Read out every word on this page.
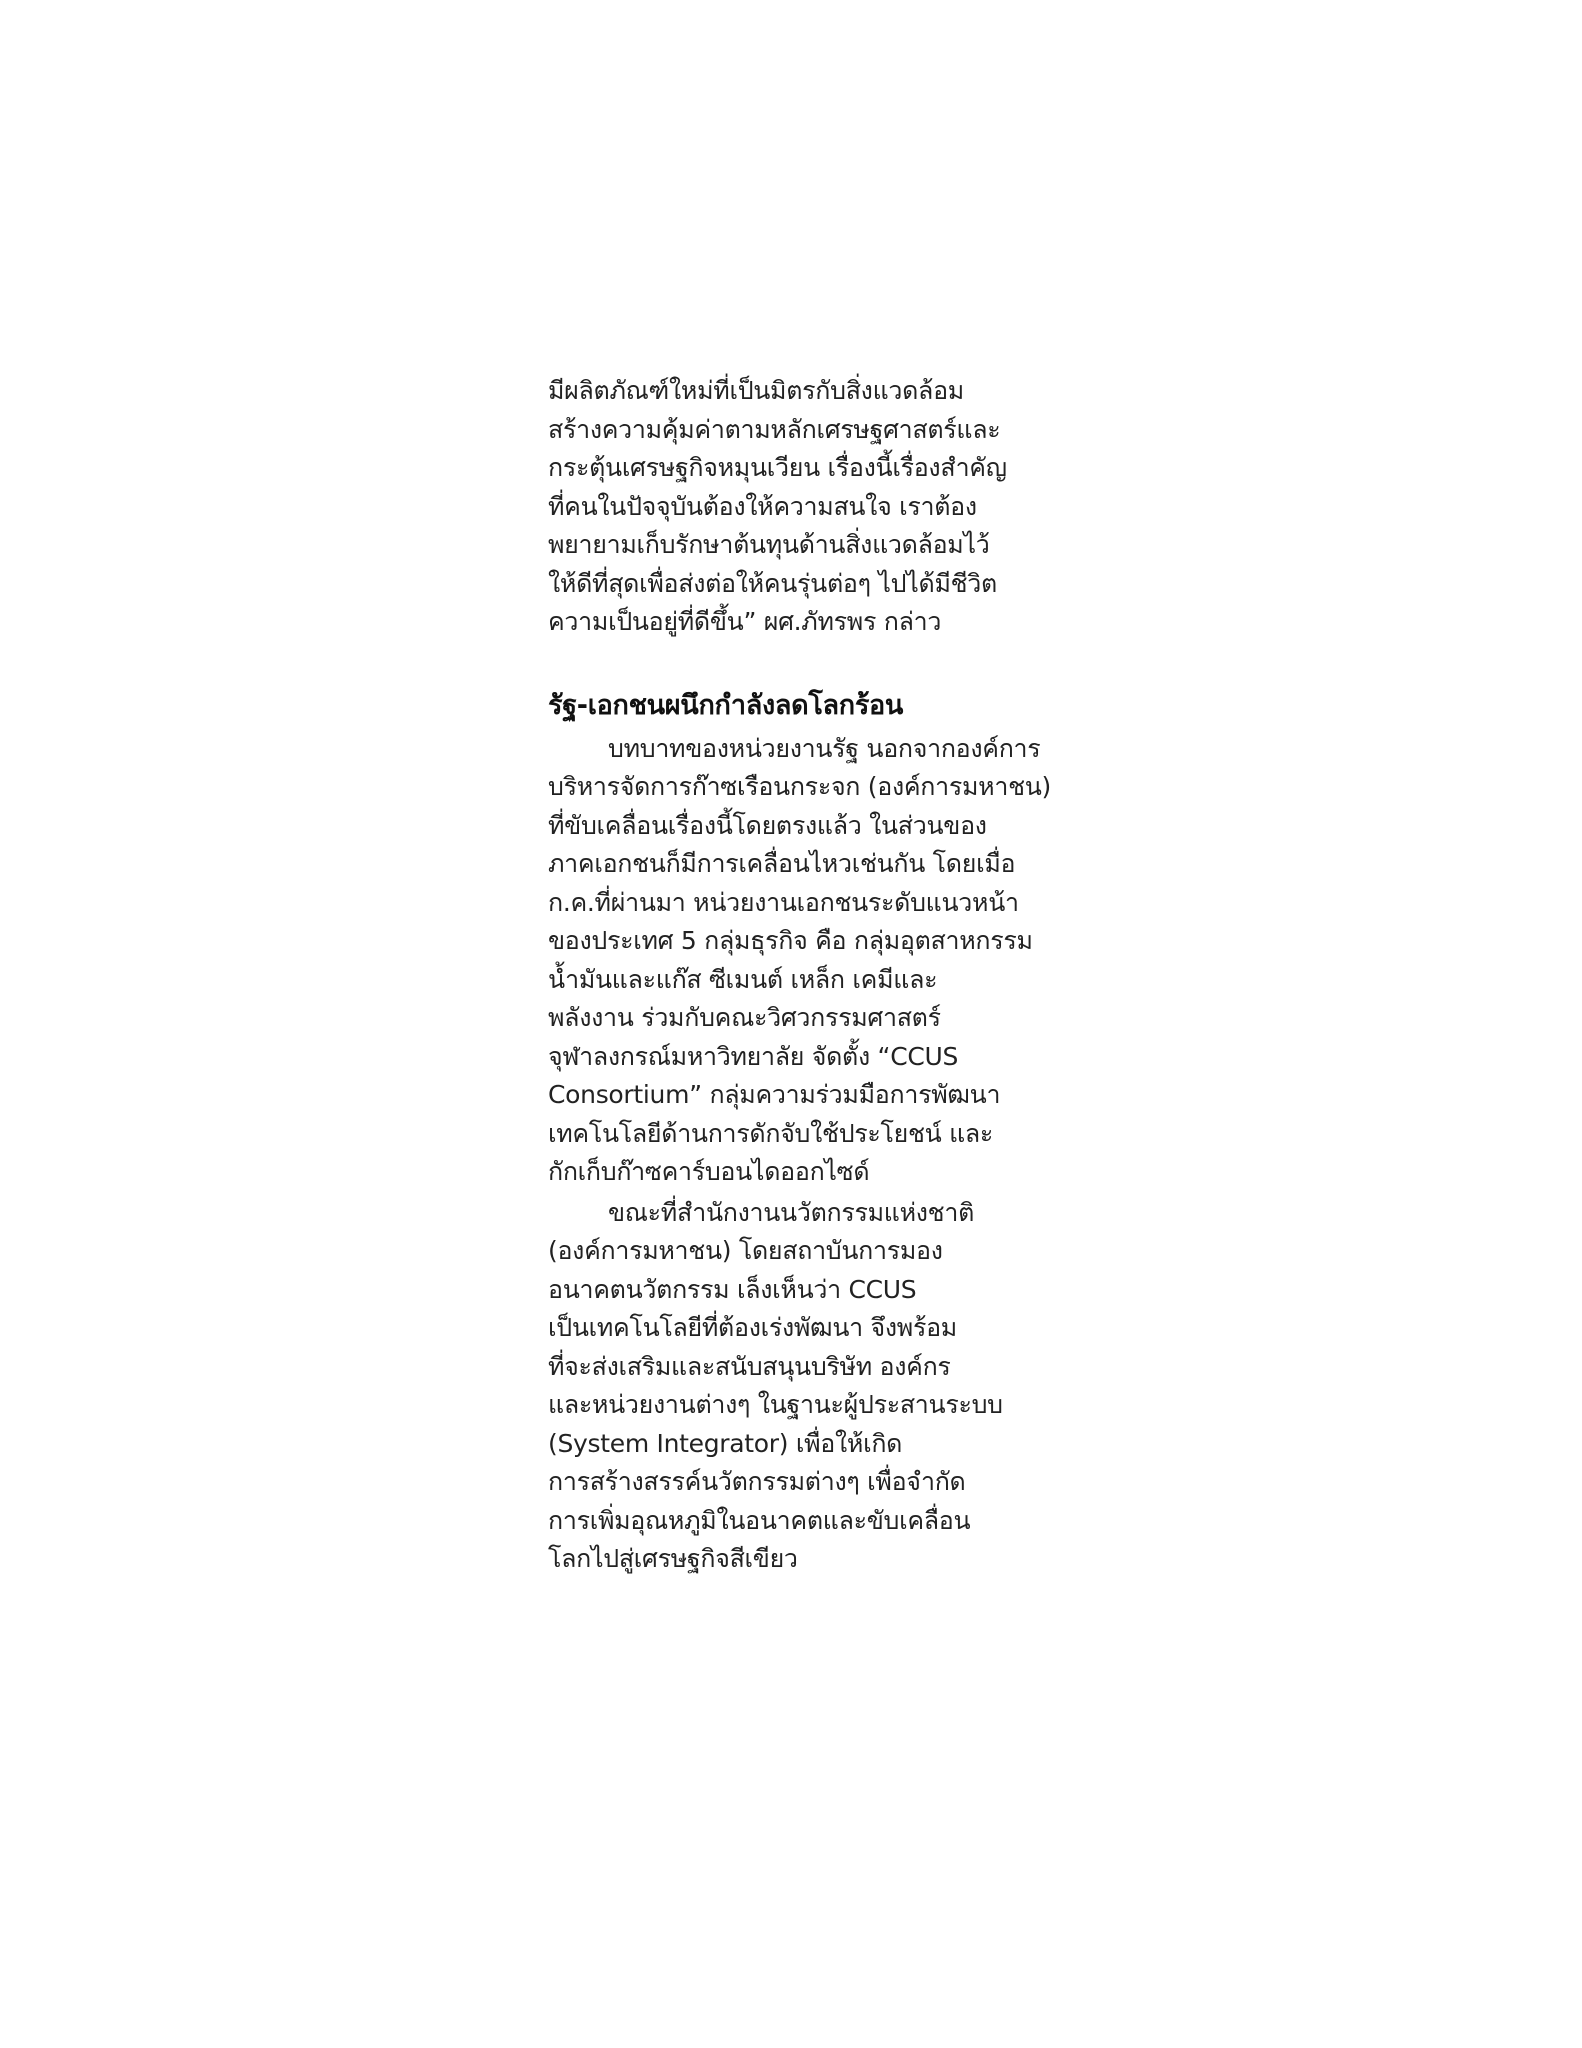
มีผลิตภัณฑ์ใหม่ที่เป็นมิตรกับสิ่งแวดล้อม
สร้างความคุ้มค่าตามหลักเศรษฐศาสตร์และ
กระตุ้นเศรษฐกิจหมุนเวียน เรื่องนี้เรื่องสำคัญ
ที่คนในปัจจุบันต้องให้ความสนใจ เราต้อง
พยายามเก็บรักษาต้นทุนด้านสิ่งแวดล้อมไว้
ให้ดีที่สุดเพื่อส่งต่อให้คนรุ่นต่อๆ ไปได้มีชีวิต
ความเป็นอยู่ที่ดีขึ้น” ผศ.ภัทรพร กล่าว

รัฐ-เอกชนผนึกกำลังลดโลกร้อน

บทบาทของหน่วยงานรัฐ นอกจากองค์การ
บริหารจัดการก๊าซเรือนกระจก (องค์การมหาชน)
ที่ขับเคลื่อนเรื่องนี้โดยตรงแล้ว ในส่วนของ
ภาคเอกชนก็มีการเคลื่อนไหวเช่นกัน โดยเมื่อ
ก.ค.ที่ผ่านมา หน่วยงานเอกชนระดับแนวหน้า
ของประเทศ 5 กลุ่มธุรกิจ คือ กลุ่มอุตสาหกรรม
น้ำมันและแก๊ส ซีเมนต์ เหล็ก เคมีและ
พลังงาน ร่วมกับคณะวิศวกรรมศาสตร์
จุฬาลงกรณ์มหาวิทยาลัย จัดตั้ง “CCUS
Consortium” กลุ่มความร่วมมือการพัฒนา
เทคโนโลยีด้านการดักจับใช้ประโยชน์ และ
กักเก็บก๊าซคาร์บอนไดออกไซด์

ขณะที่สำนักงานนวัตกรรมแห่งชาติ
(องค์การมหาชน) โดยสถาบันการมอง
อนาคตนวัตกรรม เล็งเห็นว่า CCUS
เป็นเทคโนโลยีที่ต้องเร่งพัฒนา จึงพร้อม
ที่จะส่งเสริมและสนับสนุนบริษัท องค์กร
และหน่วยงานต่างๆ ในฐานะผู้ประสานระบบ
(System Integrator) เพื่อให้เกิด
การสร้างสรรค์นวัตกรรมต่างๆ เพื่อจำกัด
การเพิ่มอุณหภูมิในอนาคตและขับเคลื่อน
โลกไปสู่เศรษฐกิจสีเขียว
